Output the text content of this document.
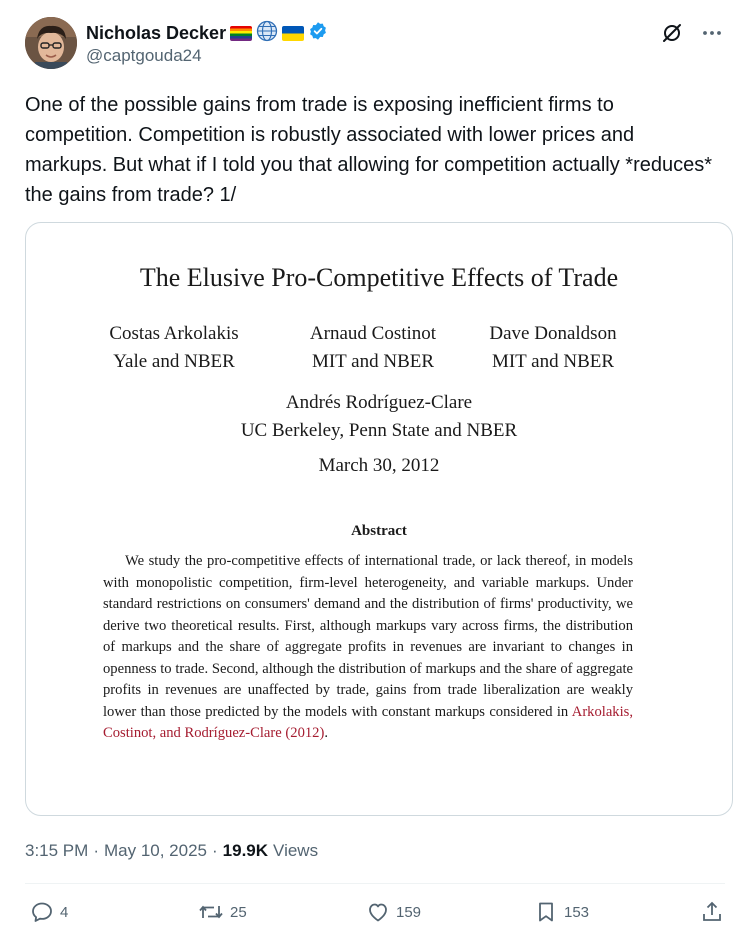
Nicholas Decker
@captgouda24
One of the possible gains from trade is exposing inefficient firms to competition. Competition is robustly associated with lower prices and markups. But what if I told you that allowing for competition actually *reduces* the gains from trade? 1/
The Elusive Pro-Competitive Effects of Trade
Costas Arkolakis
Yale and NBER
Arnaud Costinot
MIT and NBER
Dave Donaldson
MIT and NBER
Andrés Rodríguez-Clare
UC Berkeley, Penn State and NBER
March 30, 2012
Abstract
We study the pro-competitive effects of international trade, or lack thereof, in models with monopolistic competition, firm-level heterogeneity, and variable markups. Under standard restrictions on consumers' demand and the distribution of firms' productivity, we derive two theoretical results. First, although markups vary across firms, the distribution of markups and the share of aggregate profits in revenues are invariant to changes in openness to trade. Second, although the distribution of markups and the share of aggregate profits in revenues are unaffected by trade, gains from trade liberalization are weakly lower than those predicted by the models with constant markups considered in Arkolakis, Costinot, and Rodríguez-Clare (2012).
3:15 PM · May 10, 2025 · 19.9K Views
4	25	159	153
